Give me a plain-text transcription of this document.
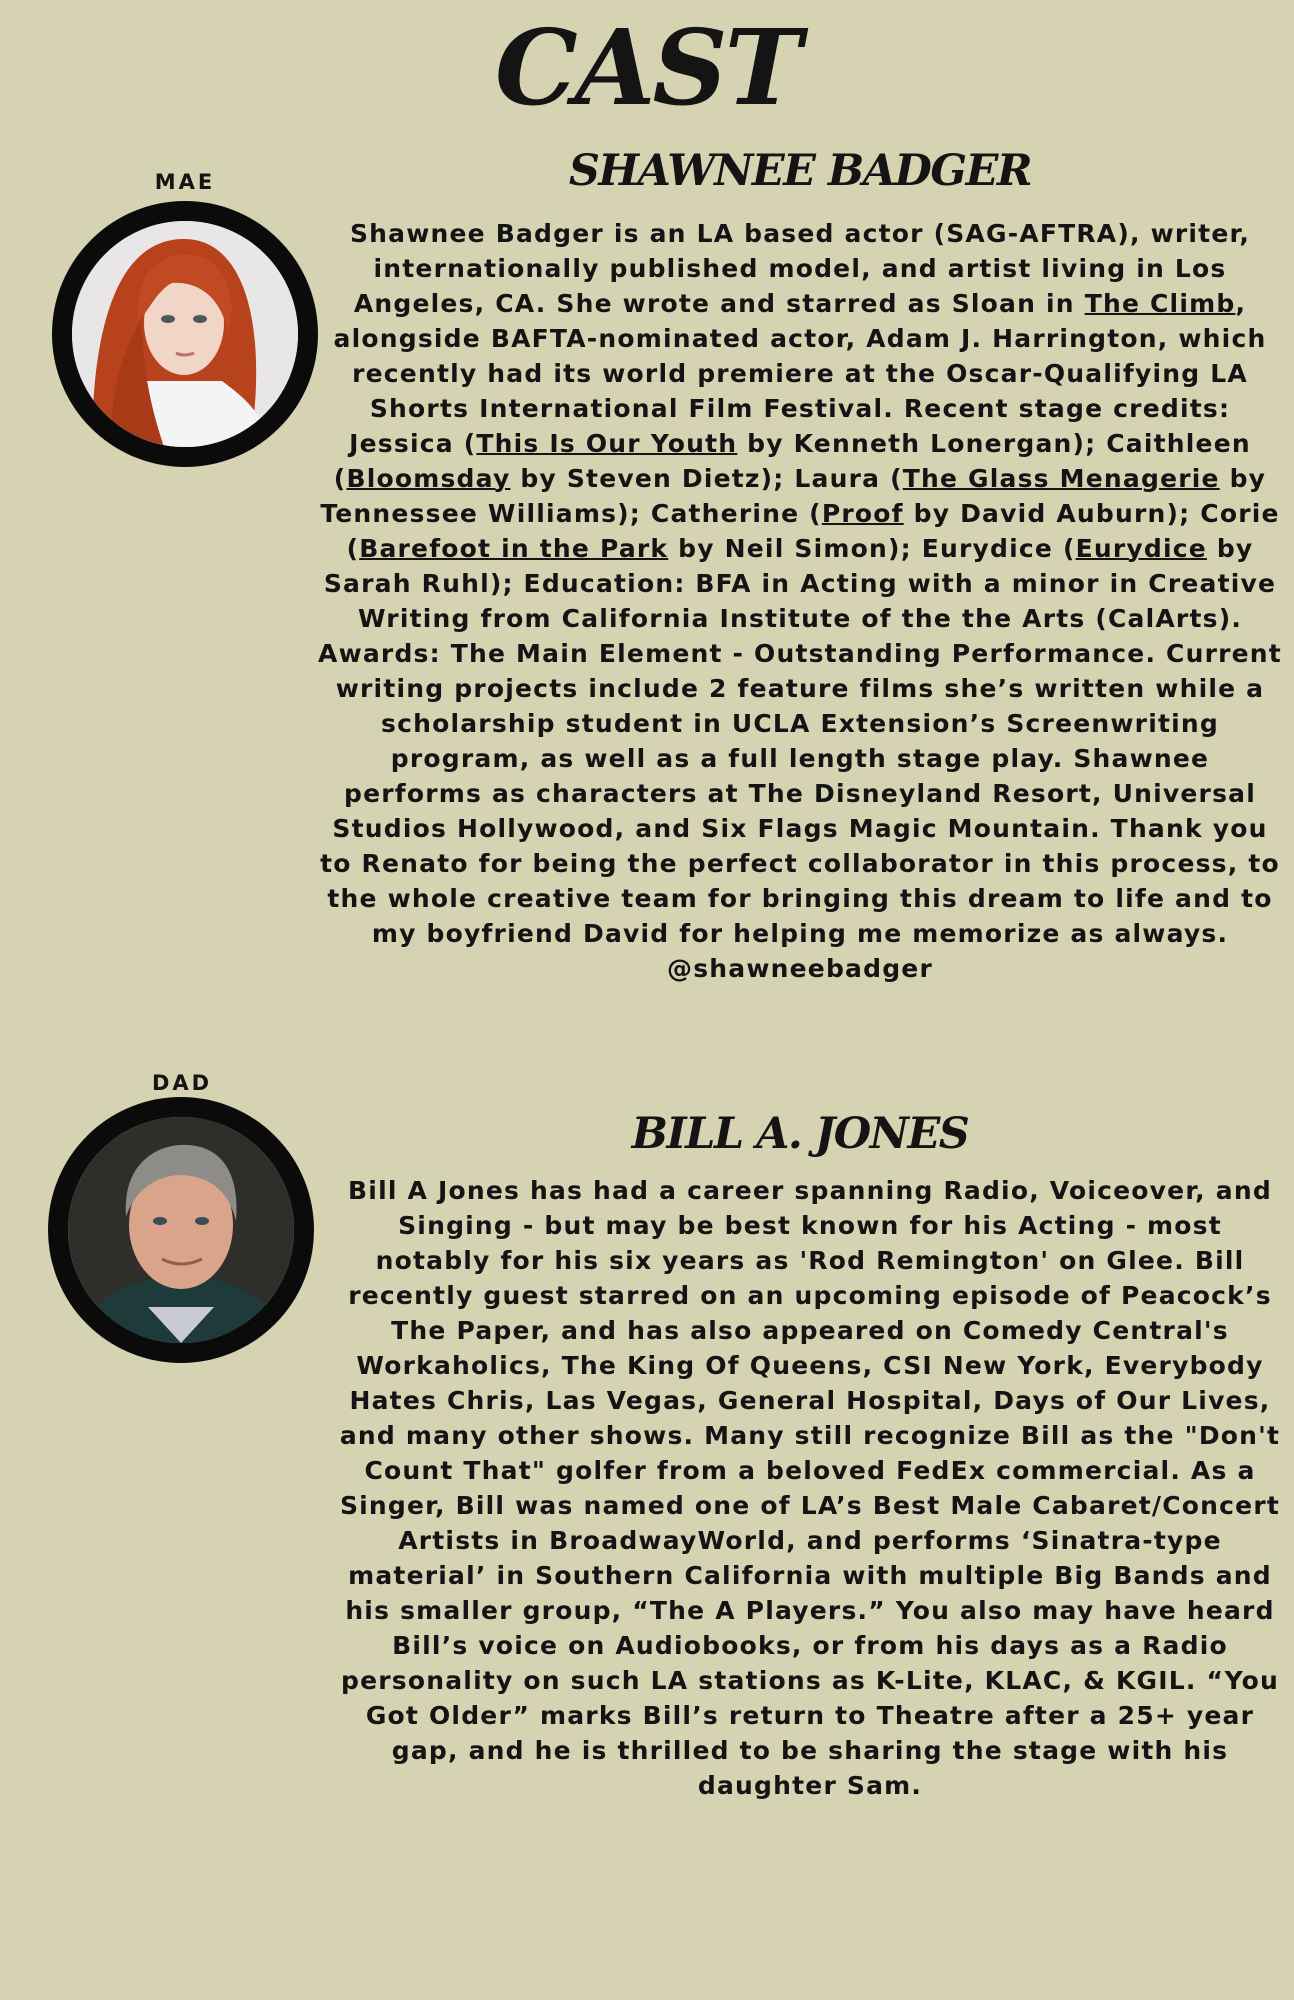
CAST
MAE	SHAWNEE BADGER

Shawnee Badger is an LA based actor (SAG-AFTRA), writer, internationally published model, and artist living in Los Angeles, CA. She wrote and starred as Sloan in The Climb, alongside BAFTA-nominated actor, Adam J. Harrington, which recently had its world premiere at the Oscar-Qualifying LA Shorts International Film Festival. Recent stage credits: Jessica (This Is Our Youth by Kenneth Lonergan); Caithleen (Bloomsday by Steven Dietz); Laura (The Glass Menagerie by Tennessee Williams); Catherine (Proof by David Auburn); Corie (Barefoot in the Park by Neil Simon); Eurydice (Eurydice by Sarah Ruhl); Education: BFA in Acting with a minor in Creative Writing from California Institute of the the Arts (CalArts). Awards: The Main Element - Outstanding Performance. Current writing projects include 2 feature films she’s written while a scholarship student in UCLA Extension’s Screenwriting program, as well as a full length stage play. Shawnee performs as characters at The Disneyland Resort, Universal Studios Hollywood, and Six Flags Magic Mountain. Thank you to Renato for being the perfect collaborator in this process, to the whole creative team for bringing this dream to life and to my boyfriend David for helping me memorize as always. @shawneebadger

DAD
BILL A. JONES

Bill A Jones has had a career spanning Radio, Voiceover, and Singing - but may be best known for his Acting - most notably for his six years as 'Rod Remington' on Glee. Bill recently guest starred on an upcoming episode of Peacock’s The Paper, and has also appeared on Comedy Central's Workaholics, The King Of Queens, CSI New York, Everybody Hates Chris, Las Vegas, General Hospital, Days of Our Lives, and many other shows. Many still recognize Bill as the "Don't Count That" golfer from a beloved FedEx commercial. As a Singer, Bill was named one of LA’s Best Male Cabaret/Concert Artists in BroadwayWorld, and performs ‘Sinatra-type material’ in Southern California with multiple Big Bands and his smaller group, “The A Players.” You also may have heard Bill’s voice on Audiobooks, or from his days as a Radio personality on such LA stations as K-Lite, KLAC, & KGIL. “You Got Older” marks Bill’s return to Theatre after a 25+ year gap, and he is thrilled to be sharing the stage with his daughter Sam.
